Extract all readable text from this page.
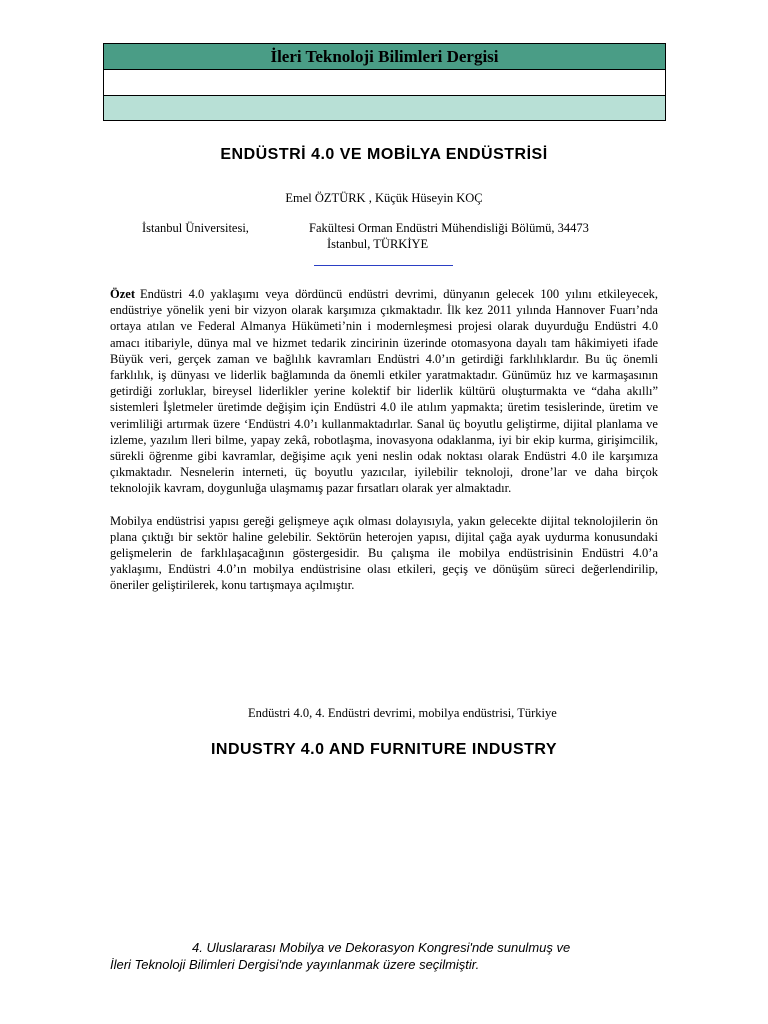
İleri Teknoloji Bilimleri Dergisi
ENDÜSTRİ 4.0 VE MOBİLYA ENDÜSTRİSİ
Emel ÖZTÜRK , Küçük Hüseyin KOÇ
İstanbul Üniversitesi,	Fakültesi Orman Endüstri Mühendisliği Bölümü, 34473
İstanbul, TÜRKİYE

Özet Endüstri 4.0 yaklaşımı veya dördüncü endüstri devrimi, dünyanın gelecek 100 yılını etkileyecek, endüstriye yönelik yeni bir vizyon olarak karşımıza çıkmaktadır. İlk kez 2011 yılında Hannover Fuarı’nda ortaya atılan ve Federal Almanya Hükümeti’nin i modernleşmesi projesi olarak duyurduğu Endüstri 4.0 amacı itibariyle, dünya mal ve hizmet tedarik zincirinin üzerinde otomasyona dayalı tam hâkimiyeti ifade Büyük veri, gerçek zaman ve bağlılık kavramları Endüstri 4.0’ın getirdiği farklılıklardır. Bu üç önemli farklılık, iş dünyası ve liderlik bağlamında da önemli etkiler yaratmaktadır. Günümüz hız ve karmaşasının getirdiği zorluklar, bireysel liderlikler yerine kolektif bir liderlik kültürü oluşturmakta ve “daha akıllı” sistemleri İşletmeler üretimde değişim için Endüstri 4.0 ile atılım yapmakta; üretim tesislerinde, üretim ve verimliliği artırmak üzere ‘Endüstri 4.0’ı kullanmaktadırlar. Sanal üç boyutlu geliştirme, dijital planlama ve izleme, yazılım lleri bilme, yapay zekâ, robotlaşma, inovasyona odaklanma, iyi bir ekip kurma, girişimcilik, sürekli öğrenme gibi kavramlar, değişime açık yeni neslin odak noktası olarak Endüstri 4.0 ile karşımıza çıkmaktadır. Nesnelerin interneti, üç boyutlu yazıcılar, iyilebilir teknoloji, drone’lar ve daha birçok teknolojik kavram, doygunluğa ulaşmamış pazar fırsatları olarak yer almaktadır.

Mobilya endüstrisi yapısı gereği gelişmeye açık olması dolayısıyla, yakın gelecekte dijital teknolojilerin ön plana çıktığı bir sektör haline gelebilir. Sektörün heterojen yapısı, dijital çağa ayak uydurma konusundaki gelişmelerin de farklılaşacağının göstergesidir. Bu çalışma ile mobilya endüstrisinin Endüstri 4.0’a yaklaşımı, Endüstri 4.0’ın mobilya endüstrisine olası etkileri, geçiş ve dönüşüm süreci değerlendirilip, öneriler geliştirilerek, konu tartışmaya açılmıştır.

Endüstri 4.0, 4. Endüstri devrimi, mobilya endüstrisi, Türkiye
INDUSTRY 4.0 AND FURNITURE INDUSTRY
4. Uluslararası Mobilya ve Dekorasyon Kongresi'nde sunulmuş ve
İleri Teknoloji Bilimleri Dergisi'nde yayınlanmak üzere seçilmiştir.
